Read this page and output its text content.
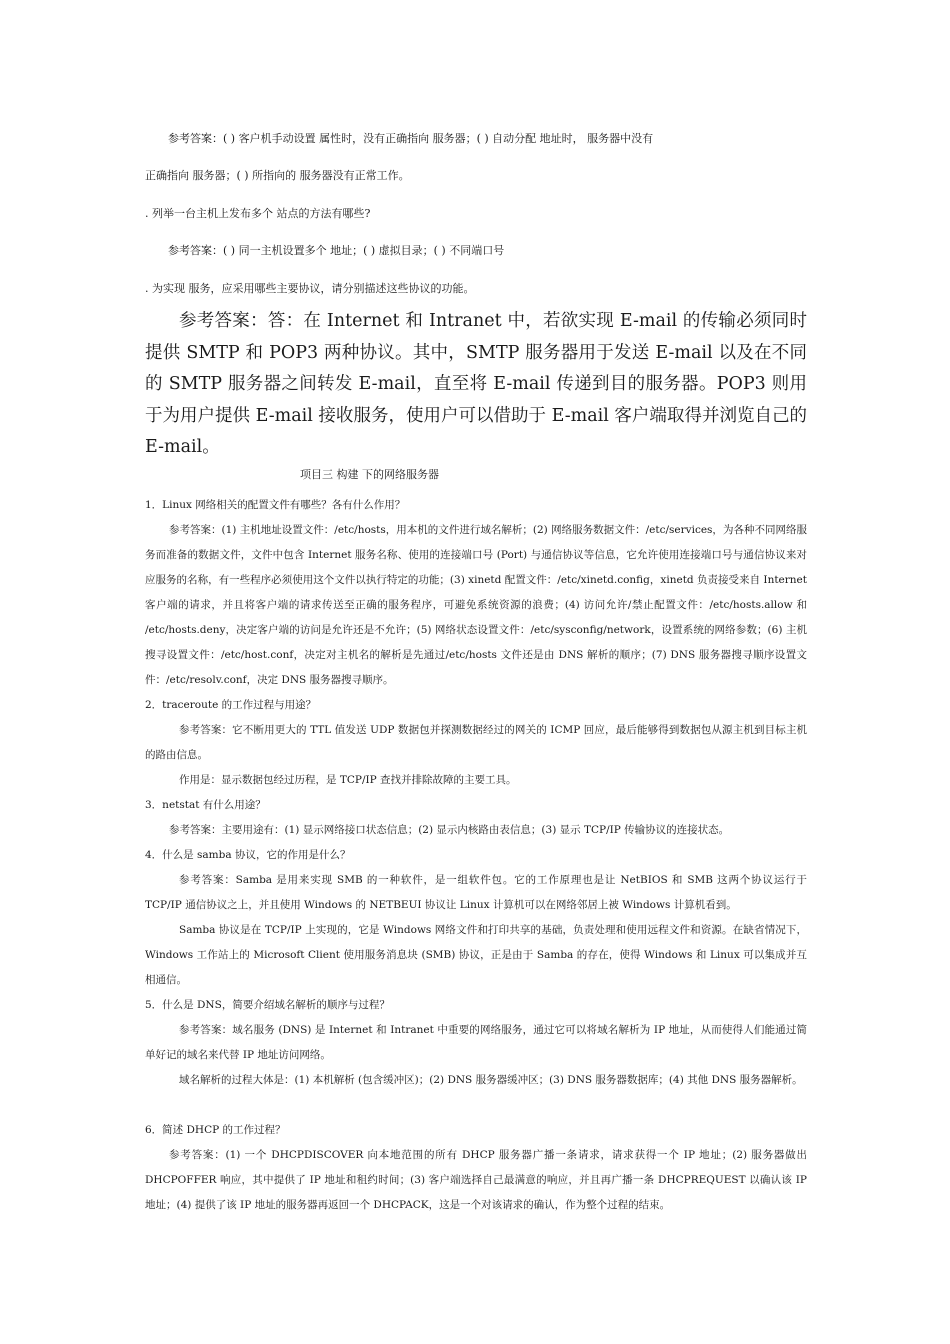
参考答案：( ) 客户机手动设置 属性时，没有正确指向 服务器；( ) 自动分配 地址时， 服务器中没有

正确指向 服务器；( ) 所指向的 服务器没有正常工作。

. 列举一台主机上发布多个 站点的方法有哪些?

参考答案：( ) 同一主机设置多个 地址；( ) 虚拟目录；( ) 不同端口号

. 为实现 服务，应采用哪些主要协议，请分别描述这些协议的功能。

参考答案：答：在 Internet 和 Intranet 中，若欲实现 E-mail 的传输必须同时提供 SMTP 和 POP3 两种协议。其中，SMTP 服务器用于发送 E-mail 以及在不同的 SMTP 服务器之间转发 E-mail，直至将 E-mail 传递到目的服务器。POP3 则用于为用户提供 E-mail 接收服务，使用户可以借助于 E-mail 客户端取得并浏览自己的 E-mail。

项目三 构建 下的网络服务器

1．Linux 网络相关的配置文件有哪些？各有什么作用？

参考答案：(1) 主机地址设置文件：/etc/hosts，用本机的文件进行域名解析；(2) 网络服务数据文件：/etc/services，为各种不同网络服务而准备的数据文件，文件中包含 Internet 服务名称、使用的连接端口号 (Port) 与通信协议等信息，它允许使用连接端口号与通信协议来对应服务的名称，有一些程序必须使用这个文件以执行特定的功能；(3) xinetd 配置文件：/etc/xinetd.config，xinetd 负责接受来自 Internet 客户端的请求，并且将客户端的请求传送至正确的服务程序，可避免系统资源的浪费；(4) 访问允许/禁止配置文件：/etc/hosts.allow 和 /etc/hosts.deny，决定客户端的访问是允许还是不允许；(5) 网络状态设置文件：/etc/sysconfig/network，设置系统的网络参数；(6) 主机搜寻设置文件：/etc/host.conf，决定对主机名的解析是先通过/etc/hosts 文件还是由 DNS 解析的顺序；(7) DNS 服务器搜寻顺序设置文件：/etc/resolv.conf，决定 DNS 服务器搜寻顺序。

2．traceroute 的工作过程与用途？

参考答案：它不断用更大的 TTL 值发送 UDP 数据包并探测数据经过的网关的 ICMP 回应，最后能够得到数据包从源主机到目标主机的路由信息。

作用是：显示数据包经过历程，是 TCP/IP 查找并排除故障的主要工具。

3．netstat 有什么用途？

参考答案：主要用途有：(1) 显示网络接口状态信息；(2) 显示内核路由表信息；(3) 显示 TCP/IP 传输协议的连接状态。

4．什么是 samba 协议，它的作用是什么？

参考答案：Samba 是用来实现 SMB 的一种软件，是一组软件包。它的工作原理也是让 NetBIOS 和 SMB 这两个协议运行于 TCP/IP 通信协议之上，并且使用 Windows 的 NETBEUI 协议让 Linux 计算机可以在网络邻居上被 Windows 计算机看到。

Samba 协议是在 TCP/IP 上实现的，它是 Windows 网络文件和打印共享的基础，负责处理和使用远程文件和资源。在缺省情况下，Windows 工作站上的 Microsoft Client 使用服务消息块 (SMB) 协议，正是由于 Samba 的存在，使得 Windows 和 Linux 可以集成并互相通信。

5．什么是 DNS，简要介绍域名解析的顺序与过程？

参考答案：域名服务 (DNS) 是 Internet 和 Intranet 中重要的网络服务，通过它可以将域名解析为 IP 地址，从而使得人们能通过简单好记的域名来代替 IP 地址访问网络。

域名解析的过程大体是：(1) 本机解析 (包含缓冲区)；(2) DNS 服务器缓冲区；(3) DNS 服务器数据库；(4) 其他 DNS 服务器解析。

6．简述 DHCP 的工作过程？

参考答案：(1) 一个 DHCPDISCOVER 向本地范围的所有 DHCP 服务器广播一条请求，请求获得一个 IP 地址；(2) 服务器做出 DHCPOFFER 响应，其中提供了 IP 地址和租约时间；(3) 客户端选择自己最满意的响应，并且再广播一条 DHCPREQUEST 以确认该 IP 地址；(4) 提供了该 IP 地址的服务器再返回一个 DHCPACK，这是一个对该请求的确认，作为整个过程的结束。
